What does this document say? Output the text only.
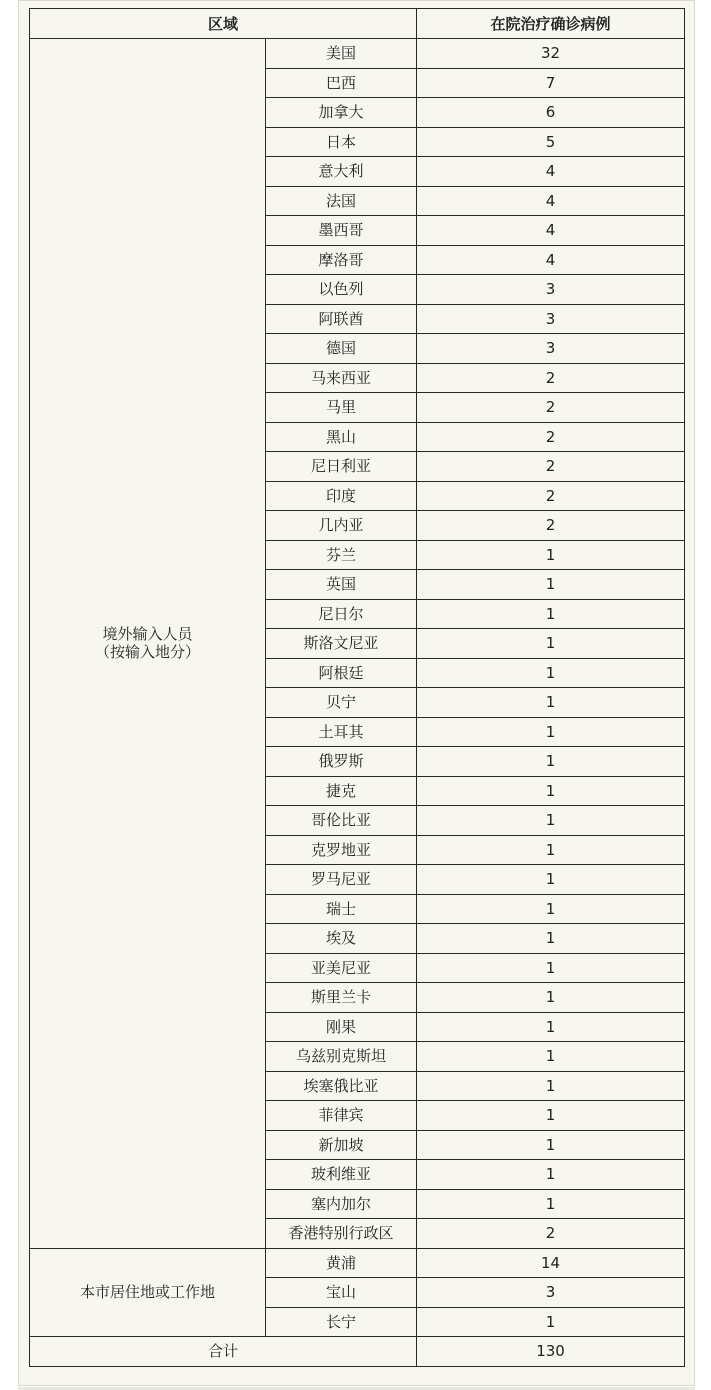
区域		在院治疗确诊病例

境外输入人员
（按输入地分）	美国	32
	巴西	7
	加拿大	6
	日本	5
	意大利	4
	法国	4
	墨西哥	4
	摩洛哥	4
	以色列	3
	阿联酋	3
	德国	3
	马来西亚	2
	马里	2
	黑山	2
	尼日利亚	2
	印度	2
	几内亚	2
	芬兰	1
	英国	1
	尼日尔	1
	斯洛文尼亚	1
	阿根廷	1
	贝宁	1
	土耳其	1
	俄罗斯	1
	捷克	1
	哥伦比亚	1
	克罗地亚	1
	罗马尼亚	1
	瑞士	1
	埃及	1
	亚美尼亚	1
	斯里兰卡	1
	刚果	1
	乌兹别克斯坦	1
	埃塞俄比亚	1
	菲律宾	1
	新加坡	1
	玻利维亚	1
	塞内加尔	1
	香港特别行政区	2

本市居住地或工作地	黄浦	14
	宝山	3
	长宁	1
合计		130
